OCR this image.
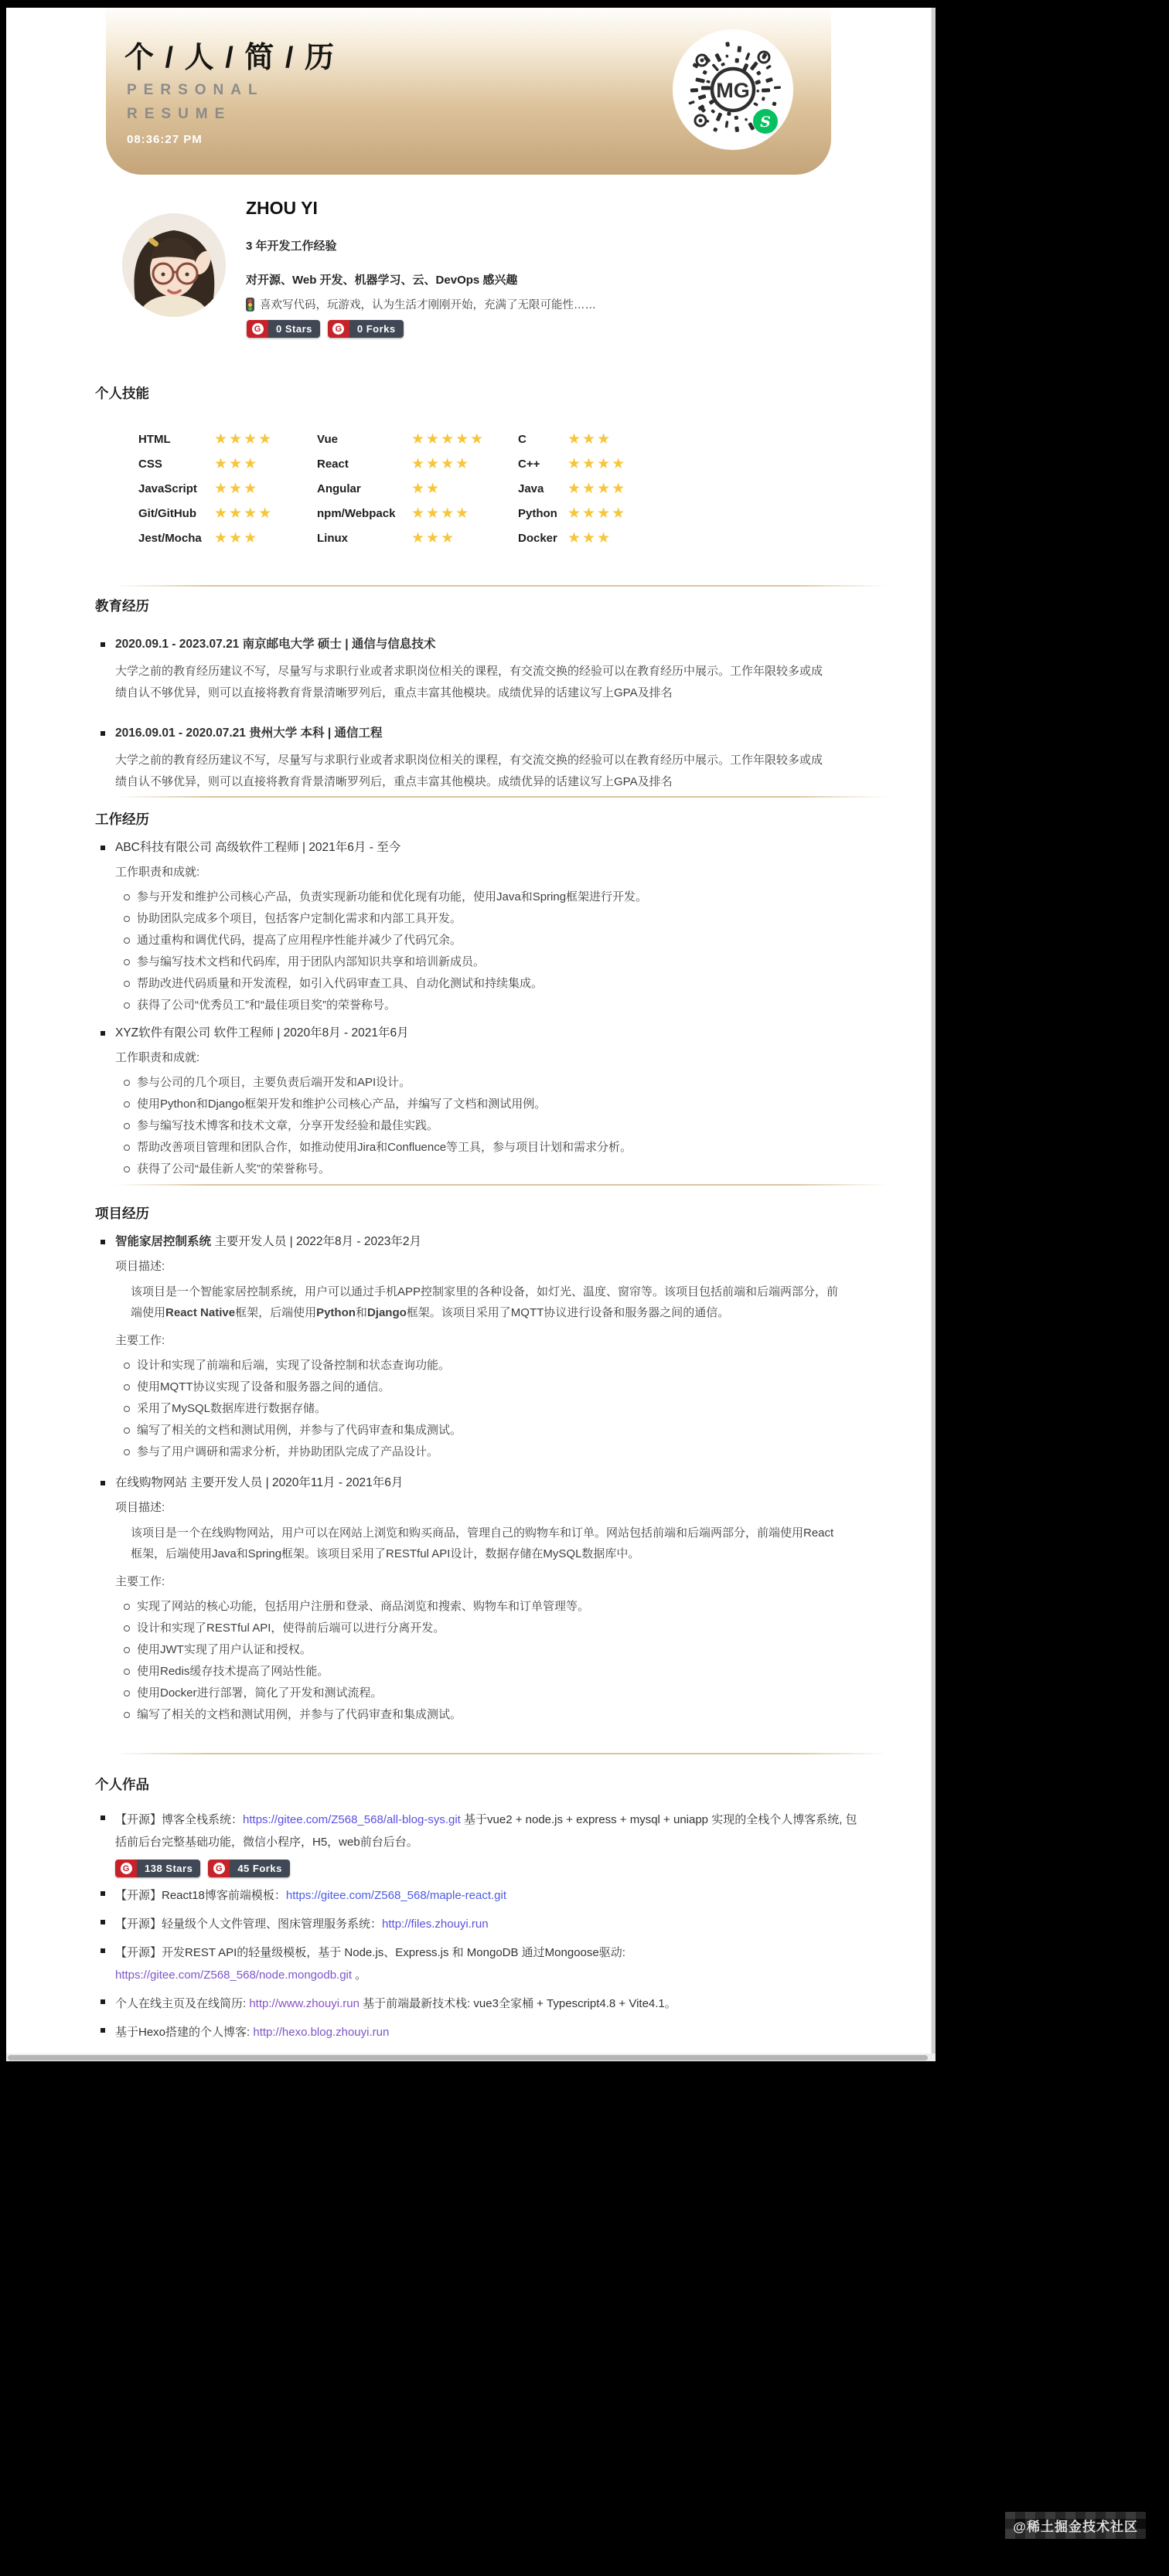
个 / 人 / 简 / 历
PERSONAL
RESUME
08:36:27 PM
MG
S
ZHOU YI
3 年开发工作经验
对开源、Web 开发、机器学习、云、DevOps 感兴趣
喜欢写代码，玩游戏，认为生活才刚刚开始，充满了无限可能性……
G	0 Stars	G	0 Forks
个人技能
HTML	★★★★	Vue	★★★★★	C	★★★
CSS	★★★	React	★★★★	C++	★★★★
JavaScript	★★★	Angular	★★	Java	★★★★
Git/GitHub	★★★★	npm/Webpack	★★★★	Python ★★★★
Jest/Mocha ★★★	Linux	★★★	Docker ★★★
教育经历
2020.09.1 - 2023.07.21 南京邮电大学 硕士 | 通信与信息技术
大学之前的教育经历建议不写，尽量写与求职行业或者求职岗位相关的课程，有交流交换的经验可以在教育经历中展示。工作年限较多或成绩自认不够优异，则可以直接将教育背景清晰罗列后，重点丰富其他模块。成绩优异的话建议写上GPA及排名
2016.09.01 - 2020.07.21 贵州大学 本科 | 通信工程
大学之前的教育经历建议不写，尽量写与求职行业或者求职岗位相关的课程，有交流交换的经验可以在教育经历中展示。工作年限较多或成绩自认不够优异，则可以直接将教育背景清晰罗列后，重点丰富其他模块。成绩优异的话建议写上GPA及排名
工作经历
ABC科技有限公司 高级软件工程师 | 2021年6月 - 至今
工作职责和成就:
参与开发和维护公司核心产品，负责实现新功能和优化现有功能，使用Java和Spring框架进行开发。
协助团队完成多个项目，包括客户定制化需求和内部工具开发。
通过重构和调优代码，提高了应用程序性能并减少了代码冗余。
参与编写技术文档和代码库，用于团队内部知识共享和培训新成员。
帮助改进代码质量和开发流程，如引入代码审查工具、自动化测试和持续集成。
获得了公司“优秀员工”和“最佳项目奖”的荣誉称号。
XYZ软件有限公司 软件工程师 | 2020年8月 - 2021年6月
工作职责和成就:
参与公司的几个项目，主要负责后端开发和API设计。
使用Python和Django框架开发和维护公司核心产品，并编写了文档和测试用例。
参与编写技术博客和技术文章，分享开发经验和最佳实践。
帮助改善项目管理和团队合作，如推动使用Jira和Confluence等工具，参与项目计划和需求分析。
获得了公司“最佳新人奖”的荣誉称号。
项目经历
智能家居控制系统 主要开发人员 | 2022年8月 - 2023年2月
项目描述:
该项目是一个智能家居控制系统，用户可以通过手机APP控制家里的各种设备，如灯光、温度、窗帘等。该项目包括前端和后端两部分，前端使用React Native框架，后端使用Python和Django框架。该项目采用了MQTT协议进行设备和服务器之间的通信。
主要工作:
设计和实现了前端和后端，实现了设备控制和状态查询功能。
使用MQTT协议实现了设备和服务器之间的通信。
采用了MySQL数据库进行数据存储。
编写了相关的文档和测试用例，并参与了代码审查和集成测试。
参与了用户调研和需求分析，并协助团队完成了产品设计。
在线购物网站 主要开发人员 | 2020年11月 - 2021年6月
项目描述:
该项目是一个在线购物网站，用户可以在网站上浏览和购买商品，管理自己的购物车和订单。网站包括前端和后端两部分，前端使用React框架，后端使用Java和Spring框架。该项目采用了RESTful API设计，数据存储在MySQL数据库中。
主要工作:
实现了网站的核心功能，包括用户注册和登录、商品浏览和搜索、购物车和订单管理等。
设计和实现了RESTful API，使得前后端可以进行分离开发。
使用JWT实现了用户认证和授权。
使用Redis缓存技术提高了网站性能。
使用Docker进行部署，简化了开发和测试流程。
编写了相关的文档和测试用例，并参与了代码审查和集成测试。
个人作品
【开源】博客全栈系统：https://gitee.com/Z568_568/all-blog-sys.git 基于vue2 + node.js + express + mysql + uniapp 实现的全栈个人博客系统, 包括前后台完整基础功能，微信小程序，H5，web前台后台。
G	138 Stars	G	45 Forks
【开源】React18博客前端模板：https://gitee.com/Z568_568/maple-react.git
【开源】轻量级个人文件管理、图床管理服务系统：http://files.zhouyi.run
【开源】开发REST API的轻量级模板，基于 Node.js、Express.js 和 MongoDB 通过Mongoose驱动:
https://gitee.com/Z568_568/node.mongodb.git 。
个人在线主页及在线简历: http://www.zhouyi.run 基于前端最新技术栈: vue3全家桶 + Typescript4.8 + Vite4.1。
基于Hexo搭建的个人博客: http://hexo.blog.zhouyi.run
@稀土掘金技术社区
